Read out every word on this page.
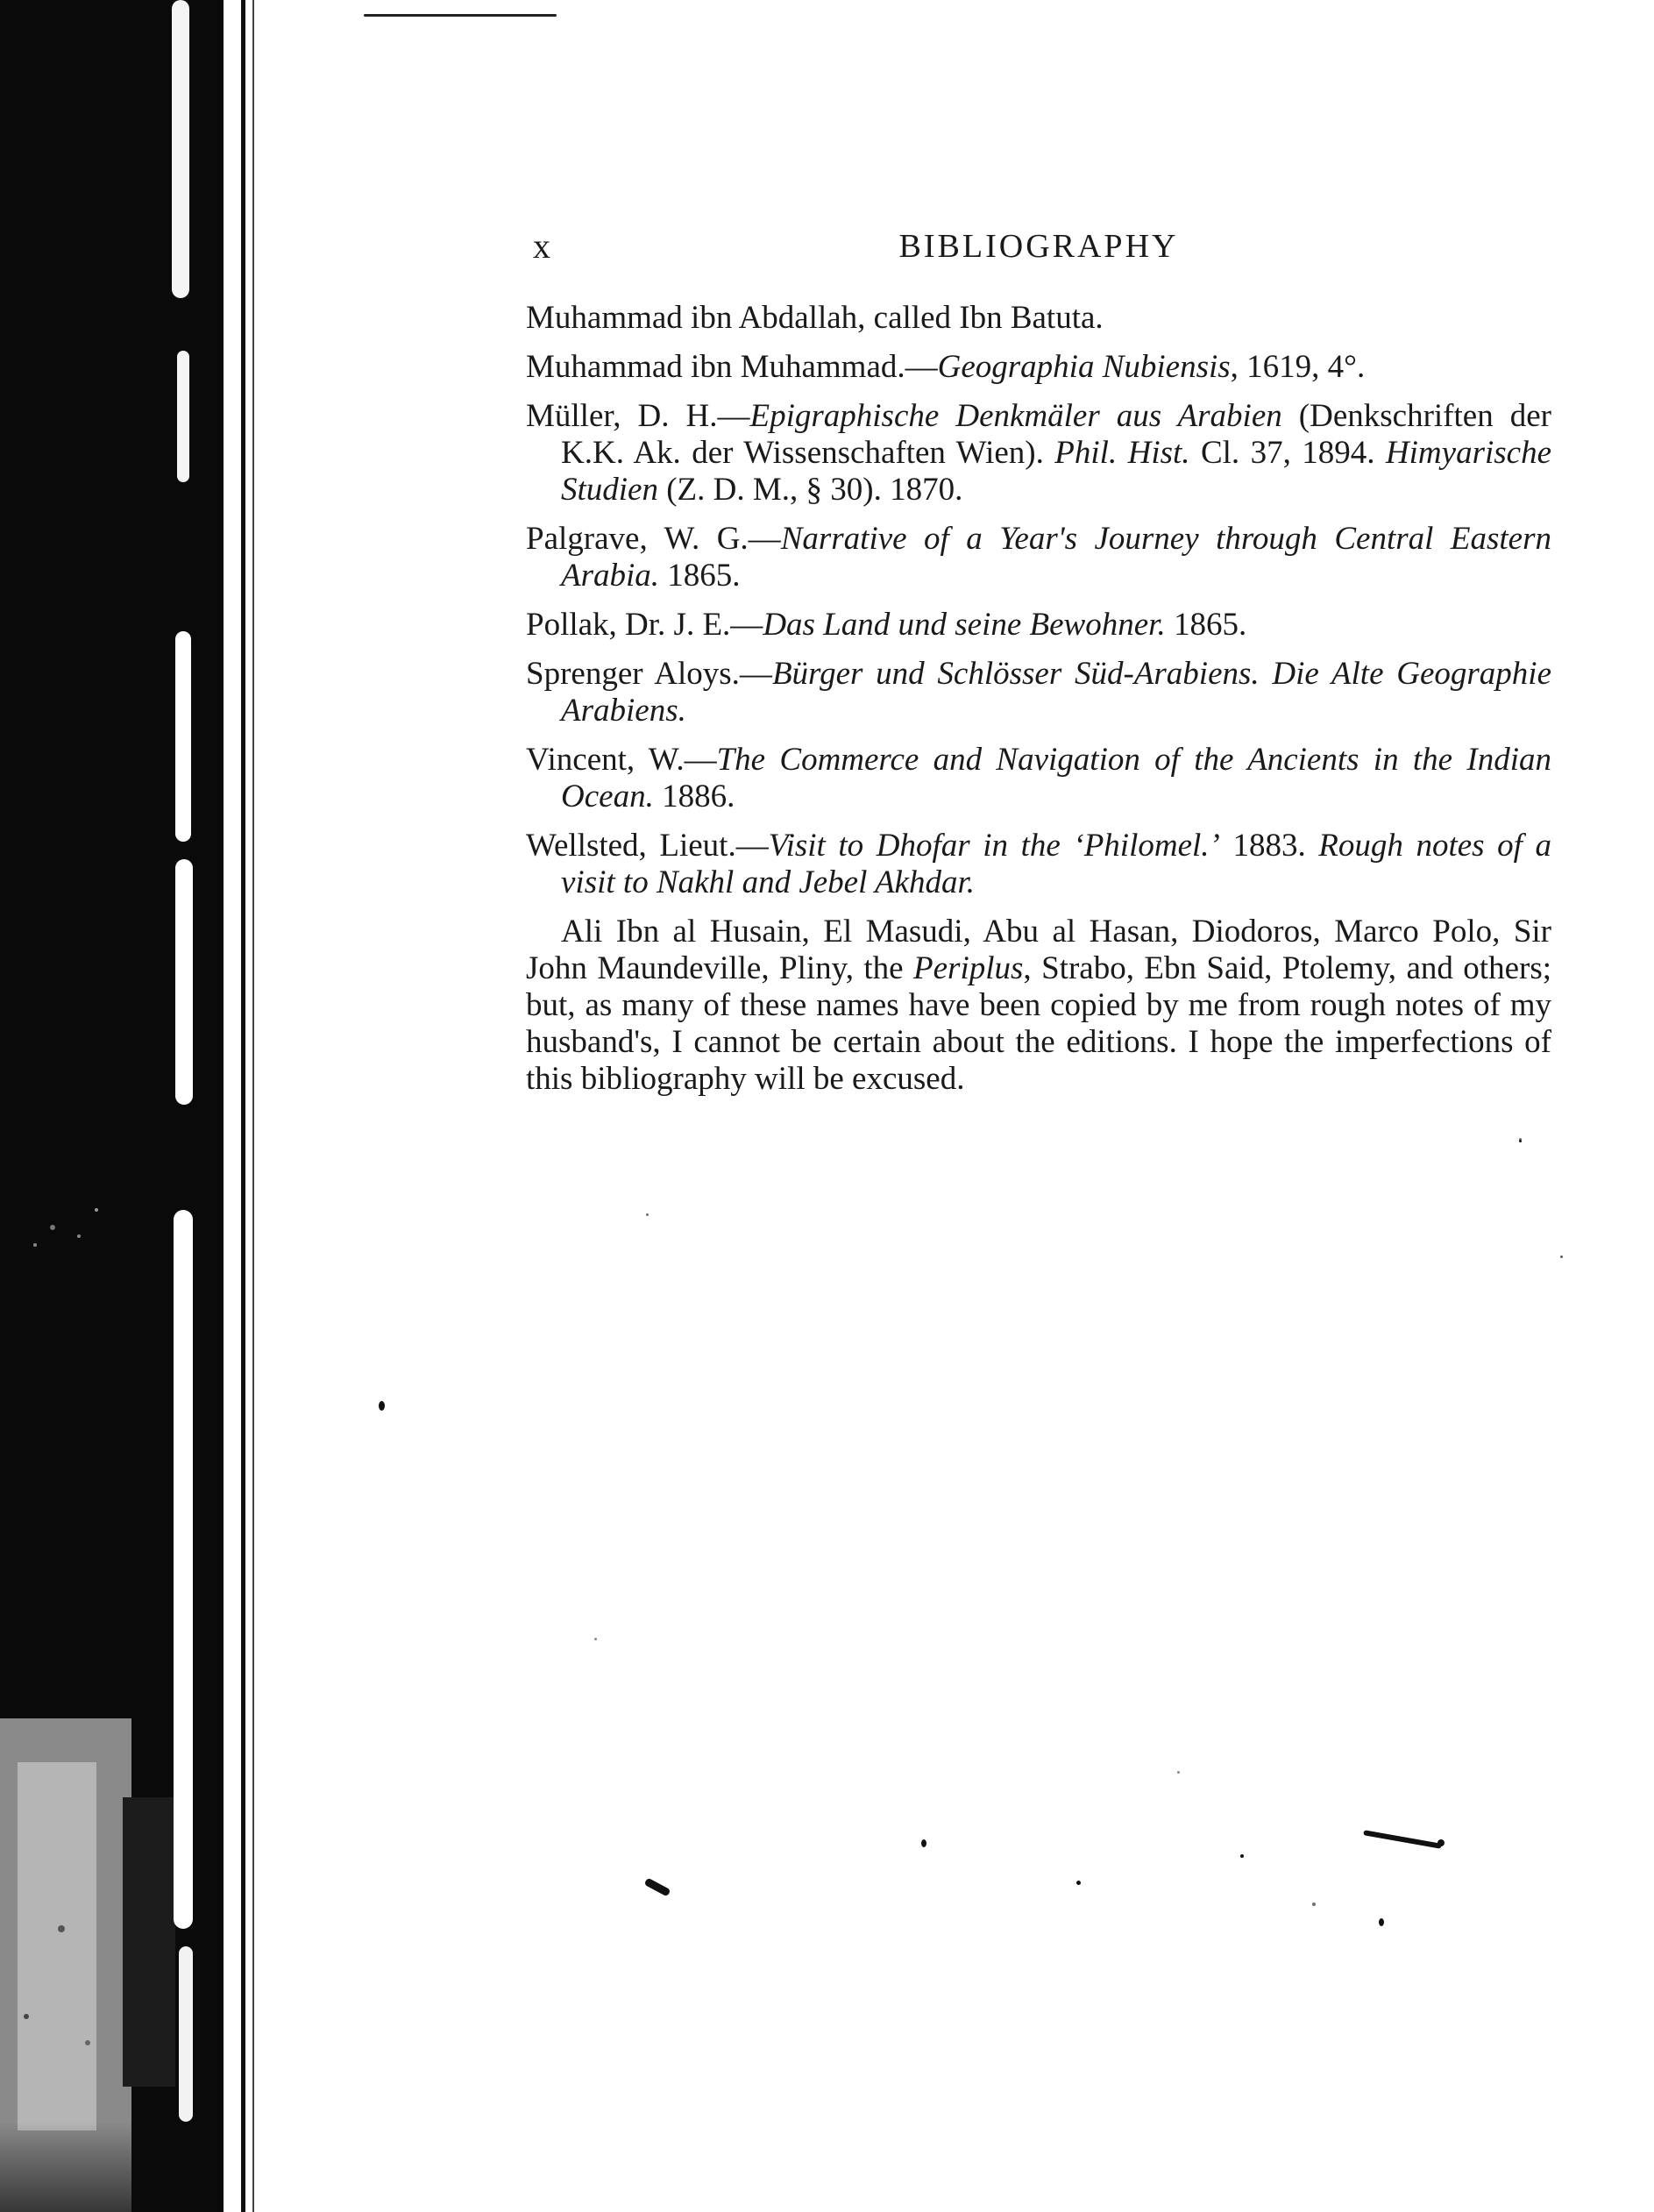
x	BIBLIOGRAPHY

Muhammad ibn Abdallah, called Ibn Batuta.

Muhammad ibn Muhammad.—Geographia Nubiensis, 1619, 4°.

Müller, D. H.—Epigraphische Denkmäler aus Arabien (Denkschriften der K.K. Ak. der Wissenschaften Wien). Phil. Hist. Cl. 37, 1894. Himyarische Studien (Z. D. M., § 30). 1870.

Palgrave, W. G.—Narrative of a Year's Journey through Central Eastern Arabia. 1865.

Pollak, Dr. J. E.—Das Land und seine Bewohner. 1865.

Sprenger Aloys.—Bürger und Schlösser Süd-Arabiens. Die Alte Geographie Arabiens.

Vincent, W.—The Commerce and Navigation of the Ancients in the Indian Ocean. 1886.

Wellsted, Lieut.—Visit to Dhofar in the ‘Philomel.’ 1883. Rough notes of a visit to Nakhl and Jebel Akhdar.

Ali Ibn al Husain, El Masudi, Abu al Hasan, Diodoros, Marco Polo, Sir John Maundeville, Pliny, the Periplus, Strabo, Ebn Said, Ptolemy, and others; but, as many of these names have been copied by me from rough notes of my husband's, I cannot be certain about the editions. I hope the imperfections of this bibliography will be excused.
